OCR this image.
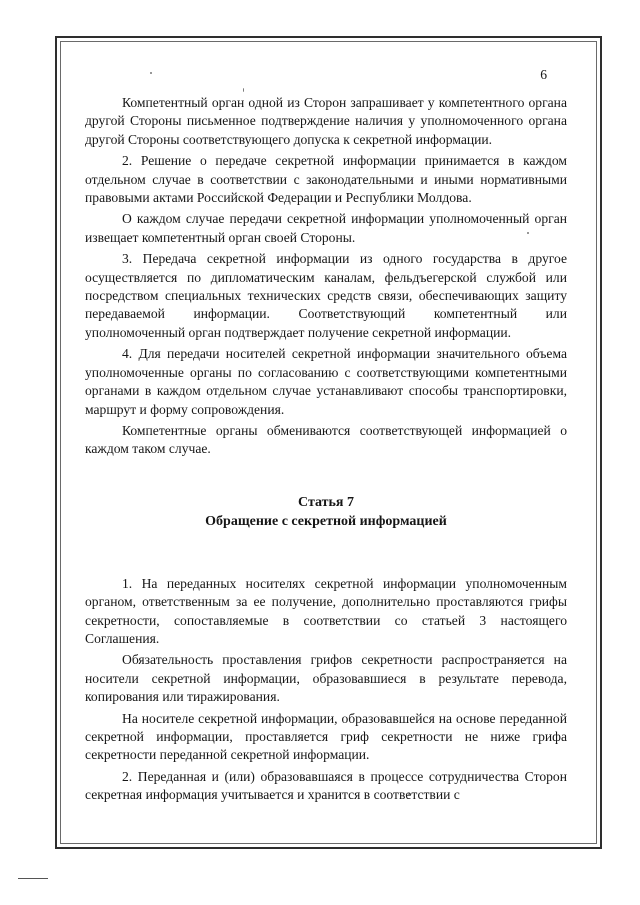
6

Компетентный орган одной из Сторон запрашивает у компетентного органа другой Стороны письменное подтверждение наличия у уполномоченного органа другой Стороны соответствующего допуска к секретной информации.

2. Решение о передаче секретной информации принимается в каждом отдельном случае в соответствии с законодательными и иными нормативными правовыми актами Российской Федерации и Республики Молдова.

О каждом случае передачи секретной информации уполномоченный орган извещает компетентный орган своей Стороны.

3. Передача секретной информации из одного государства в другое осуществляется по дипломатическим каналам, фельдъегерской службой или посредством специальных технических средств связи, обеспечивающих защиту передаваемой информации. Соответствующий компетентный или уполномоченный орган подтверждает получение секретной информации.

4. Для передачи носителей секретной информации значительного объема уполномоченные органы по согласованию с соответствующими компетентными органами в каждом отдельном случае устанавливают способы транспортировки, маршрут и форму сопровождения.

Компетентные органы обмениваются соответствующей информацией о каждом таком случае.

Статья 7
Обращение с секретной информацией

1. На переданных носителях секретной информации уполномоченным органом, ответственным за ее получение, дополнительно проставляются грифы секретности, сопоставляемые в соответствии со статьей 3 настоящего Соглашения.

Обязательность проставления грифов секретности распространяется на носители секретной информации, образовавшиеся в результате перевода, копирования или тиражирования.

На носителе секретной информации, образовавшейся на основе переданной секретной информации, проставляется гриф секретности не ниже грифа секретности переданной секретной информации.

2. Переданная и (или) образовавшаяся в процессе сотрудничества Сторон секретная информация учитывается и хранится в соответствии с
